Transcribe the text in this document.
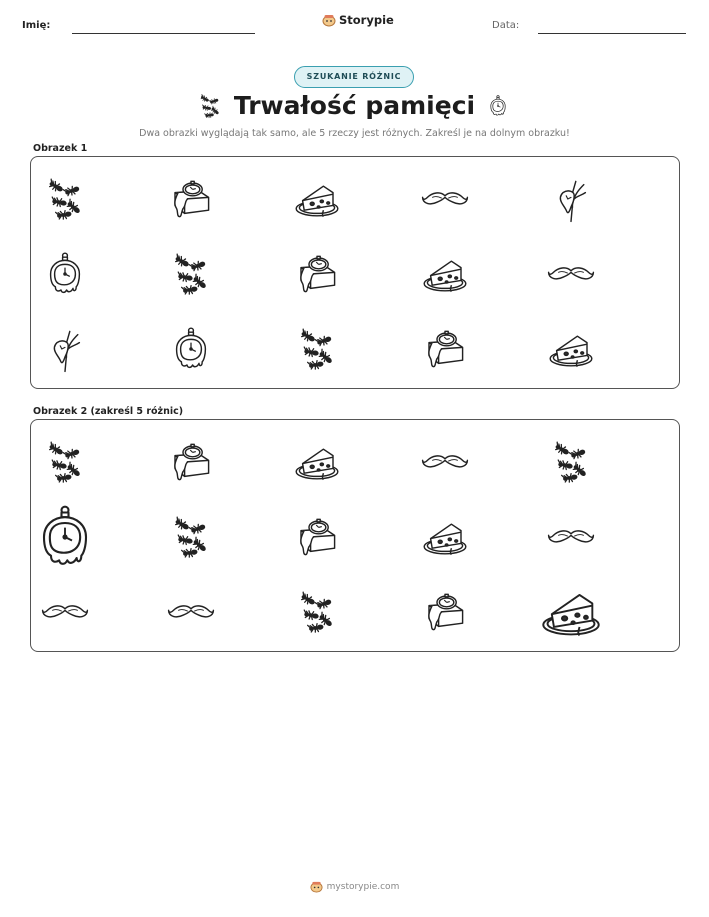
Imię:	Storypie	Data:
SZUKANIE RÓŻNIC
Trwałość pamięci
Dwa obrazki wyglądają tak samo, ale 5 rzeczy jest różnych. Zakreśl je na dolnym obrazku!
Obrazek 1
Obrazek 2 (zakreśl 5 różnic)
mystorypie.com
